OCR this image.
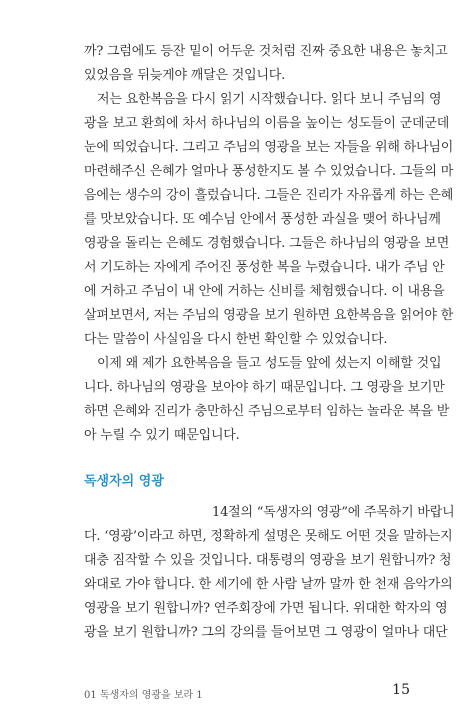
까? 그럼에도 등잔 밑이 어두운 것처럼 진짜 중요한 내용은 놓치고
있었음을 뒤늦게야 깨달은 것입니다.

저는 요한복음을 다시 읽기 시작했습니다. 읽다 보니 주님의 영
광을 보고 환희에 차서 하나님의 이름을 높이는 성도들이 군데군데
눈에 띄었습니다. 그리고 주님의 영광을 보는 자들을 위해 하나님이
마련해주신 은혜가 얼마나 풍성한지도 볼 수 있었습니다. 그들의 마
음에는 생수의 강이 흘렀습니다. 그들은 진리가 자유롭게 하는 은혜
를 맛보았습니다. 또 예수님 안에서 풍성한 과실을 맺어 하나님께
영광을 돌리는 은혜도 경험했습니다. 그들은 하나님의 영광을 보면
서 기도하는 자에게 주어진 풍성한 복을 누렸습니다. 내가 주님 안
에 거하고 주님이 내 안에 거하는 신비를 체험했습니다. 이 내용을
살펴보면서, 저는 주님의 영광을 보기 원하면 요한복음을 읽어야 한
다는 말씀이 사실임을 다시 한번 확인할 수 있었습니다.

이제 왜 제가 요한복음을 들고 성도들 앞에 섰는지 이해할 것입
니다. 하나님의 영광을 보아야 하기 때문입니다. 그 영광을 보기만
하면 은혜와 진리가 충만하신 주님으로부터 임하는 놀라운 복을 받
아 누릴 수 있기 때문입니다.

독생자의 영광

14절의 “독생자의 영광”에 주목하기 바랍니
다. ‘영광’이라고 하면, 정확하게 설명은 못해도 어떤 것을 말하는지
대충 짐작할 수 있을 것입니다. 대통령의 영광을 보기 원합니까? 청
와대로 가야 합니다. 한 세기에 한 사람 날까 말까 한 천재 음악가의
영광을 보기 원합니까? 연주회장에 가면 됩니다. 위대한 학자의 영
광을 보기 원합니까? 그의 강의를 들어보면 그 영광이 얼마나 대단

01 독생자의 영광을 보라 1	15
